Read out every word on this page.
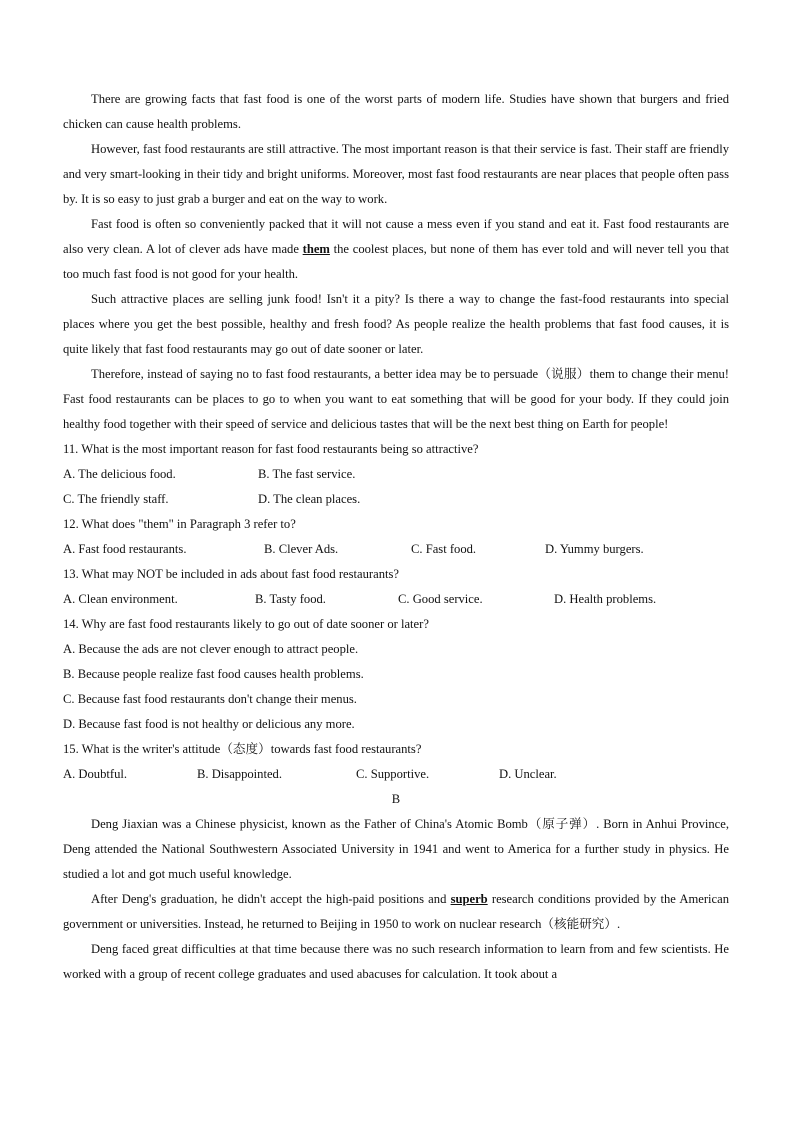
There are growing facts that fast food is one of the worst parts of modern life. Studies have shown that burgers and fried chicken can cause health problems.

However, fast food restaurants are still attractive. The most important reason is that their service is fast. Their staff are friendly and very smart-looking in their tidy and bright uniforms. Moreover, most fast food restaurants are near places that people often pass by. It is so easy to just grab a burger and eat on the way to work.

Fast food is often so conveniently packed that it will not cause a mess even if you stand and eat it. Fast food restaurants are also very clean. A lot of clever ads have made them the coolest places, but none of them has ever told and will never tell you that too much fast food is not good for your health.

Such attractive places are selling junk food! Isn't it a pity? Is there a way to change the fast-food restaurants into special places where you get the best possible, healthy and fresh food? As people realize the health problems that fast food causes, it is quite likely that fast food restaurants may go out of date sooner or later.

Therefore, instead of saying no to fast food restaurants, a better idea may be to persuade（说服）them to change their menu! Fast food restaurants can be places to go to when you want to eat something that will be good for your body. If they could join healthy food together with their speed of service and delicious tastes that will be the next best thing on Earth for people!

11. What is the most important reason for fast food restaurants being so attractive?

A. The delicious food.	B. The fast service.
C. The friendly staff.	D. The clean places.

12. What does "them" in Paragraph 3 refer to?

A. Fast food restaurants.	B. Clever Ads.	C. Fast food.	D. Yummy burgers.

13. What may NOT be included in ads about fast food restaurants?

A. Clean environment.	B. Tasty food.	C. Good service.	D. Health problems.

14. Why are fast food restaurants likely to go out of date sooner or later?

A. Because the ads are not clever enough to attract people.

B. Because people realize fast food causes health problems.

C. Because fast food restaurants don't change their menus.

D. Because fast food is not healthy or delicious any more.

15. What is the writer's attitude（态度）towards fast food restaurants?

A. Doubtful.	B. Disappointed.	C. Supportive.	D. Unclear.

B

Deng Jiaxian was a Chinese physicist, known as the Father of China's Atomic Bomb（原子弹）. Born in Anhui Province, Deng attended the National Southwestern Associated University in 1941 and went to America for a further study in physics. He studied a lot and got much useful knowledge.

After Deng's graduation, he didn't accept the high-paid positions and superb research conditions provided by the American government or universities. Instead, he returned to Beijing in 1950 to work on nuclear research（核能研究）.

Deng faced great difficulties at that time because there was no such research information to learn from and few scientists. He worked with a group of recent college graduates and used abacuses for calculation. It took about a
